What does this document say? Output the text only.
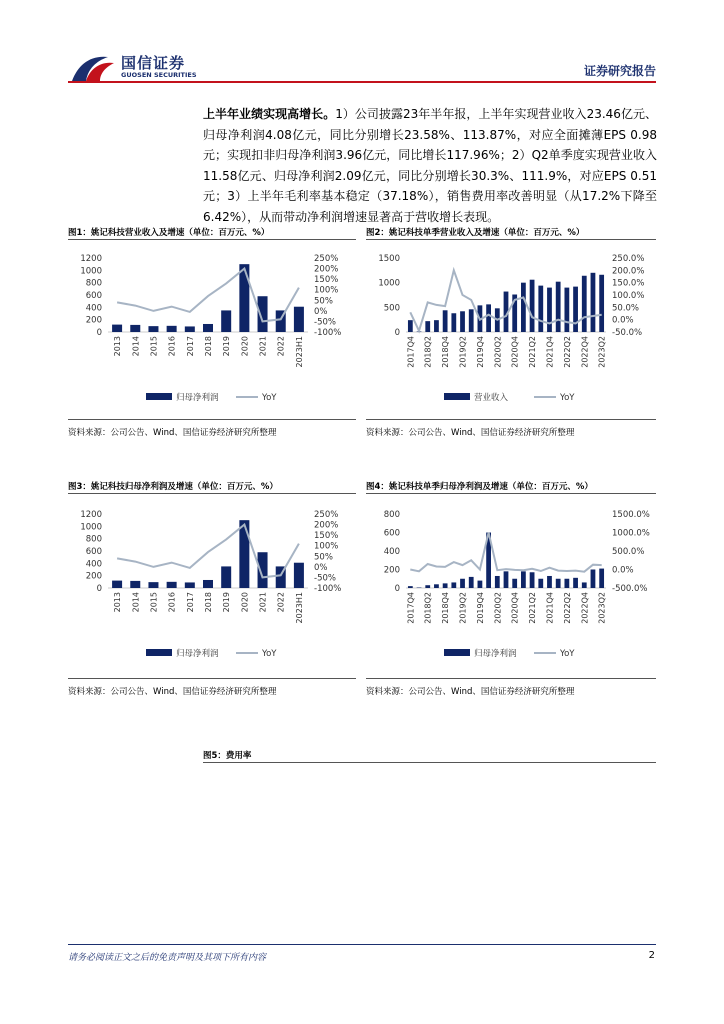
国信证券
GUOSEN SECURITIES	证券研究报告
上半年业绩实现高增长。1）公司披露23年半年报，上半年实现营业收入23.46亿元、归母净利润4.08亿元，同比分别增长23.58%、113.87%，对应全面摊薄EPS 0.98元；实现扣非归母净利润3.96亿元，同比增长117.96%；2）Q2单季度实现营业收入11.58亿元、归母净利润2.09亿元，同比分别增长30.3%、111.9%，对应EPS 0.51元；3）上半年毛利率基本稳定（37.18%），销售费用率改善明显（从17.2%下降至6.42%），从而带动净利润增速显著高于营收增长表现。
图1：姚记科技营业收入及增速（单位：百万元、%）	图2：姚记科技单季营业收入及增速（单位：百万元、%）
0
200
400
600
800
1000
1200
-100%
-50%
0%
50%
100%
150%
200%
250%
2013 2014 2015 2016 2017 2018 2019 2020 2021 2022 2023H1
归母净利润	YoY
0
500
1000
1500
-50.0%
0.0%
50.0%
100.0%
150.0%
200.0%
250.0%
2017Q4 2018Q2 2018Q4 2019Q2 2019Q4 2020Q2 2020Q4 2021Q2 2021Q4 2022Q2 2022Q4 2023Q2
营业收入	YoY
资料来源：公司公告、Wind、国信证券经济研究所整理	资料来源：公司公告、Wind、国信证券经济研究所整理
图3：姚记科技归母净利润及增速（单位：百万元、%）	图4：姚记科技单季归母净利润及增速（单位：百万元、%）
0
200
400
600
800
1000
1200
-100%
-50%
0%
50%
100%
150%
200%
250%
2013 2014 2015 2016 2017 2018 2019 2020 2021 2022 2023H1
归母净利润	YoY
0
200
400
600
800
-500.0%
0.0%
500.0%
1000.0%
1500.0%
2017Q4 2018Q2 2018Q4 2019Q2 2019Q4 2020Q2 2020Q4 2021Q2 2021Q4 2022Q2 2022Q4 2023Q2
归母净利润	YoY
资料来源：公司公告、Wind、国信证券经济研究所整理	资料来源：公司公告、Wind、国信证券经济研究所整理
图5：费用率
请务必阅读正文之后的免责声明及其项下所有内容	2
